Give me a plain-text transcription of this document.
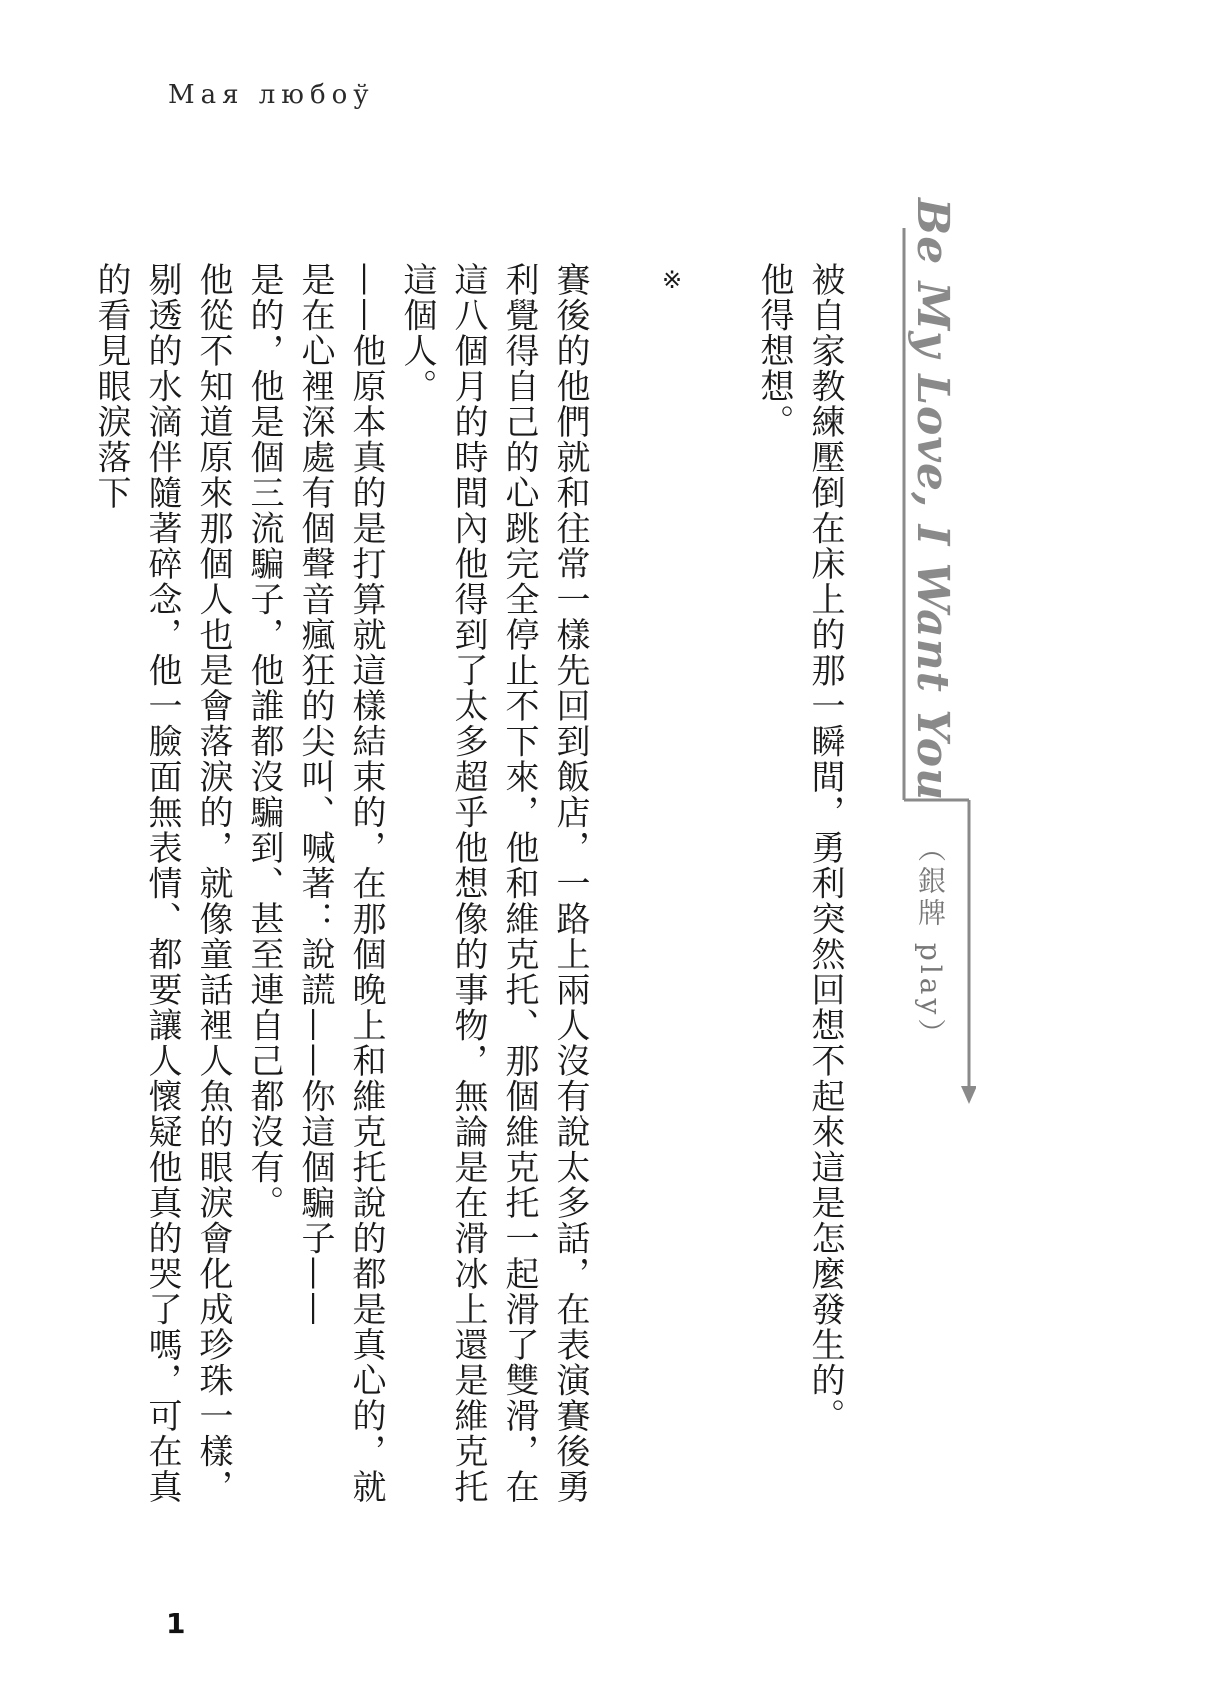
Мая любоў
Be My Love, I Want You
（銀牌 play）

被自家教練壓倒在床上的那一瞬間，勇利突然回想不起來這是怎麼發生的。

他得想想。

※

賽後的他們就和往常一樣先回到飯店，一路上兩人沒有說太多話，在表演賽後勇利覺得自己的心跳完全停止不下來，他和維克托、那個維克托一起滑了雙滑，在這八個月的時間內他得到了太多超乎他想像的事物，無論是在滑冰上還是維克托這個人。

——他原本真的是打算就這樣結束的，在那個晚上和維克托說的都是真心的，就是在心裡深處有個聲音瘋狂的尖叫、喊著：說謊——你這個騙子——

是的，他是個三流騙子，他誰都沒騙到、甚至連自己都沒有。

他從不知道原來那個人也是會落淚的，就像童話裡人魚的眼淚會化成珍珠一樣，剔透的水滴伴隨著碎念，他一臉面無表情、都要讓人懷疑他真的哭了嗎，可在真的看見眼淚落下

1
